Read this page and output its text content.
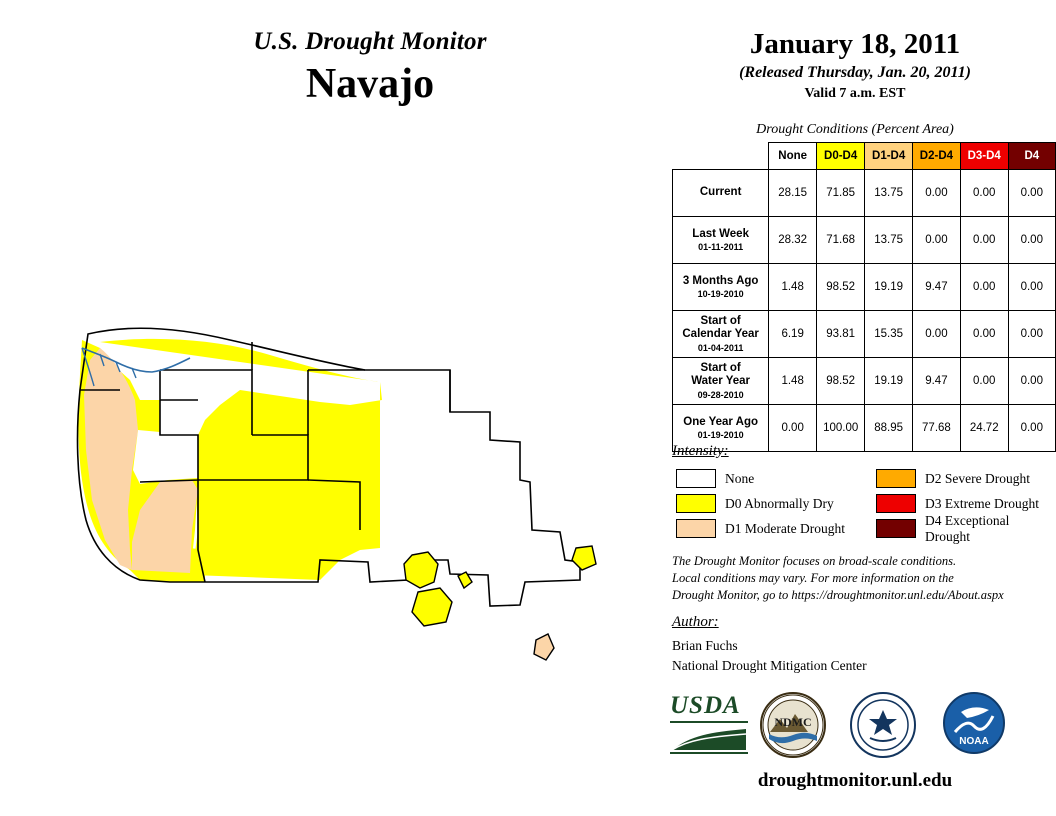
U.S. Drought Monitor
Navajo
January 18, 2011
(Released Thursday, Jan. 20, 2011)
Valid 7 a.m. EST
Drought Conditions (Percent Area)
	None	D0-D4	D1-D4	D2-D4	D3-D4	D4
Current	28.15	71.85	13.75	0.00	0.00	0.00
Last Week
01-11-2011	28.32	71.68	13.75	0.00	0.00	0.00
3 Months Ago
10-19-2010	1.48	98.52	19.19	9.47	0.00	0.00
Start of
Calendar Year
01-04-2011	6.19	93.81	15.35	0.00	0.00	0.00
Start of
Water Year
09-28-2010	1.48	98.52	19.19	9.47	0.00	0.00
One Year Ago
01-19-2010	0.00	100.00	88.95	77.68	24.72	0.00
Intensity:
None
D0 Abnormally Dry
D1 Moderate Drought
D2 Severe Drought
D3 Extreme Drought
D4 Exceptional Drought
The Drought Monitor focuses on broad-scale conditions.
Local conditions may vary. For more information on the
Drought Monitor, go to https://droughtmonitor.unl.edu/About.aspx
Author:
Brian Fuchs
National Drought Mitigation Center
USDA
NDMC
NOAA
droughtmonitor.unl.edu
